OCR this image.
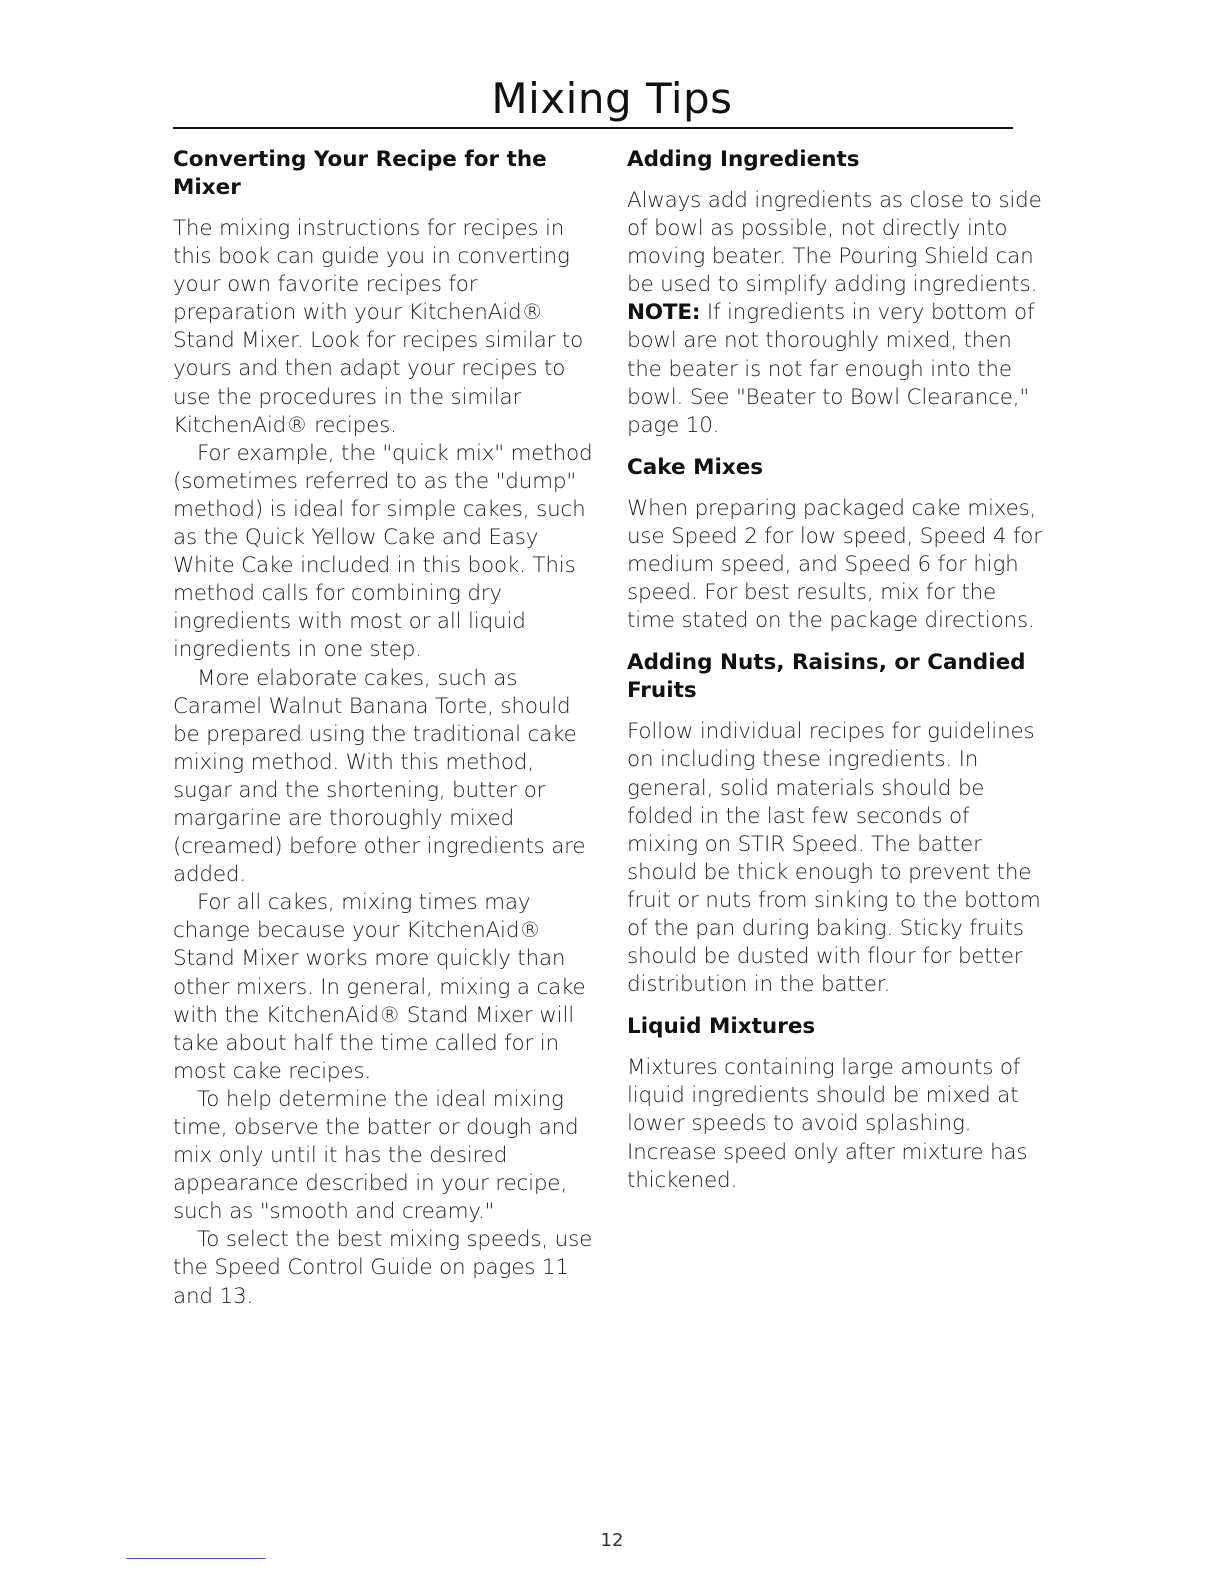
Mixing Tips
Converting Your Recipe for the Mixer

The mixing instructions for recipes in this book can guide you in converting your own favorite recipes for preparation with your KitchenAid® Stand Mixer. Look for recipes similar to yours and then adapt your recipes to use the procedures in the similar KitchenAid® recipes.

For example, the "quick mix" method (sometimes referred to as the "dump" method) is ideal for simple cakes, such as the Quick Yellow Cake and Easy White Cake included in this book. This method calls for combining dry ingredients with most or all liquid ingredients in one step.

More elaborate cakes, such as Caramel Walnut Banana Torte, should be prepared using the traditional cake mixing method. With this method, sugar and the shortening, butter or margarine are thoroughly mixed (creamed) before other ingredients are added.

For all cakes, mixing times may change because your KitchenAid® Stand Mixer works more quickly than other mixers. In general, mixing a cake with the KitchenAid® Stand Mixer will take about half the time called for in most cake recipes.

To help determine the ideal mixing time, observe the batter or dough and mix only until it has the desired appearance described in your recipe, such as "smooth and creamy."

To select the best mixing speeds, use the Speed Control Guide on pages 11 and 13.

Adding Ingredients

Always add ingredients as close to side of bowl as possible, not directly into moving beater. The Pouring Shield can be used to simplify adding ingredients.

NOTE: If ingredients in very bottom of bowl are not thoroughly mixed, then the beater is not far enough into the bowl. See "Beater to Bowl Clearance," page 10.

Cake Mixes

When preparing packaged cake mixes, use Speed 2 for low speed, Speed 4 for medium speed, and Speed 6 for high speed. For best results, mix for the time stated on the package directions.

Adding Nuts, Raisins, or Candied Fruits

Follow individual recipes for guidelines on including these ingredients. In general, solid materials should be folded in the last few seconds of mixing on STIR Speed. The batter should be thick enough to prevent the fruit or nuts from sinking to the bottom of the pan during baking. Sticky fruits should be dusted with flour for better distribution in the batter.

Liquid Mixtures

Mixtures containing large amounts of liquid ingredients should be mixed at lower speeds to avoid splashing. Increase speed only after mixture has thickened.

12
